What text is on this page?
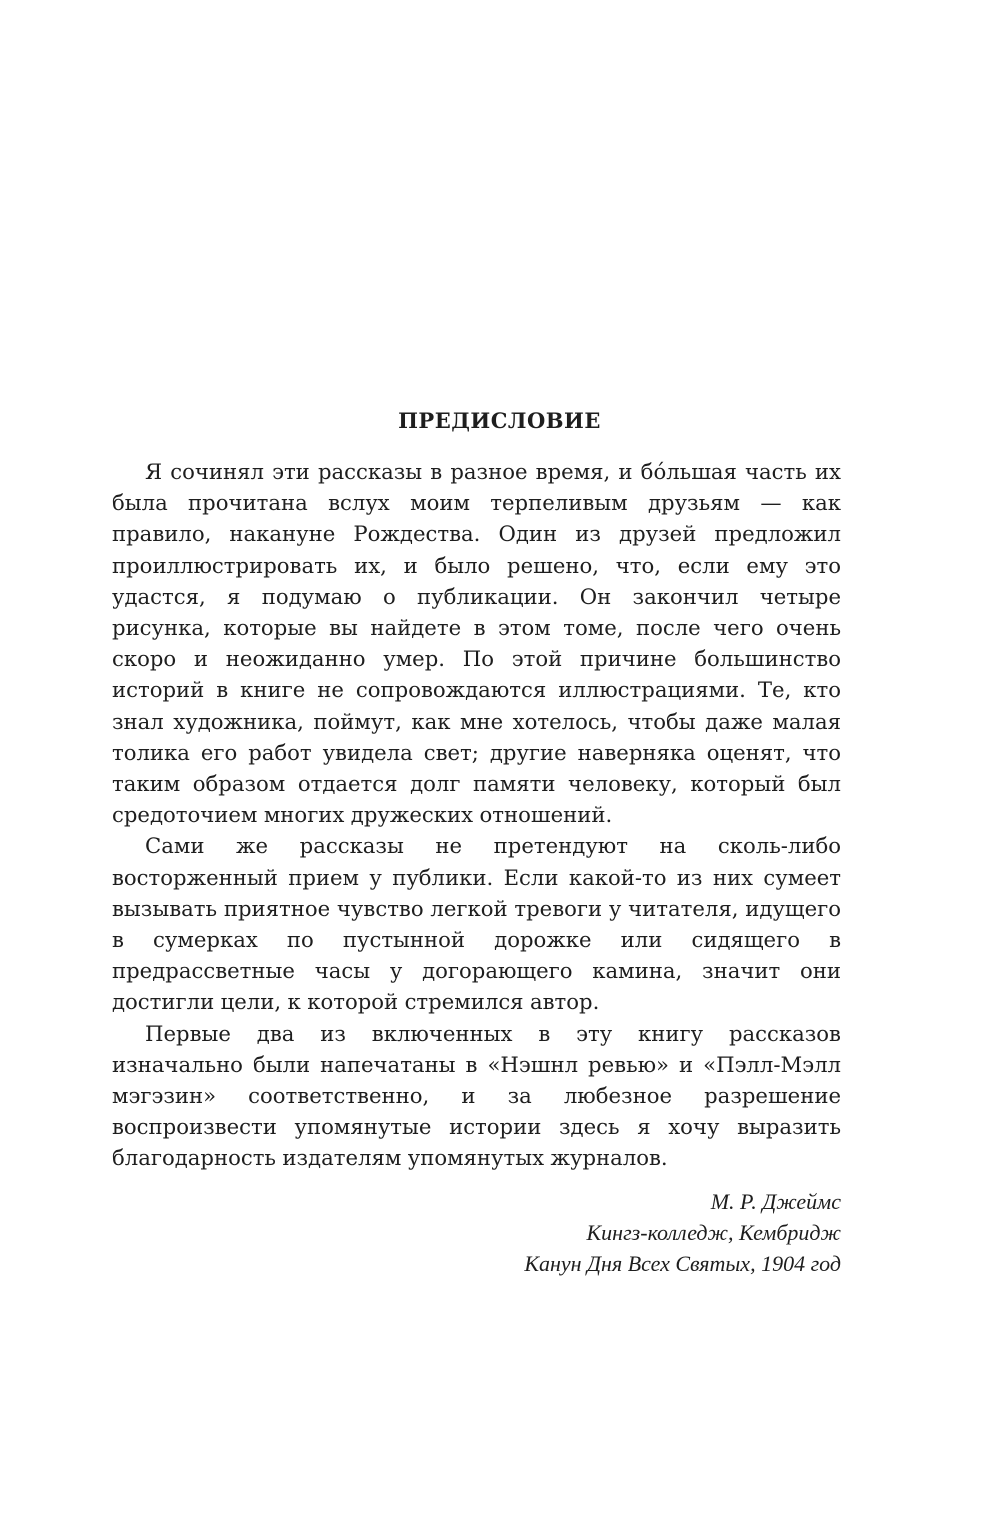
ПРЕДИСЛОВИЕ

Я сочинял эти рассказы в разное время, и бóльшая часть их была прочитана вслух моим терпеливым друзьям — как правило, накануне Рождества. Один из друзей предложил проиллюстрировать их, и было решено, что, если ему это удастся, я подумаю о публикации. Он закончил четыре рисунка, которые вы найдете в этом томе, после чего очень скоро и неожиданно умер. По этой причине большинство историй в книге не сопровождаются иллюстрациями. Те, кто знал художника, поймут, как мне хотелось, чтобы даже малая толика его работ увидела свет; другие наверняка оценят, что таким образом отдается долг памяти человеку, который был средоточием многих дружеских отношений.

Сами же рассказы не претендуют на сколь-либо восторженный прием у публики. Если какой-то из них сумеет вызывать приятное чувство легкой тревоги у читателя, идущего в сумерках по пустынной дорожке или сидящего в предрассветные часы у догорающего камина, значит они достигли цели, к которой стремился автор.

Первые два из включенных в эту книгу рассказов изначально были напечатаны в «Нэшнл ревью» и «Пэлл-Мэлл мэгэзин» соответственно, и за любезное разрешение воспроизвести упомянутые истории здесь я хочу выразить благодарность издателям упомянутых журналов.

М. Р. Джеймс
Кингз-колледж, Кембридж
Канун Дня Всех Святых, 1904 год
